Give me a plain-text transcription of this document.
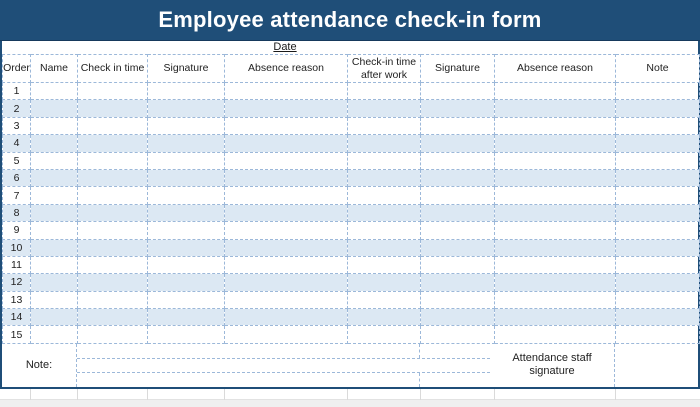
Employee attendance check-in form
Date
Order	Name	Check in time	Signature	Absence reason	Check-in time after work	Signature	Absence reason	Note
1								
2								
3								
4								
5								
6								
7								
8								
9								
10								
11								
12								
13								
14								
15								
Note:
Attendance staff signature
